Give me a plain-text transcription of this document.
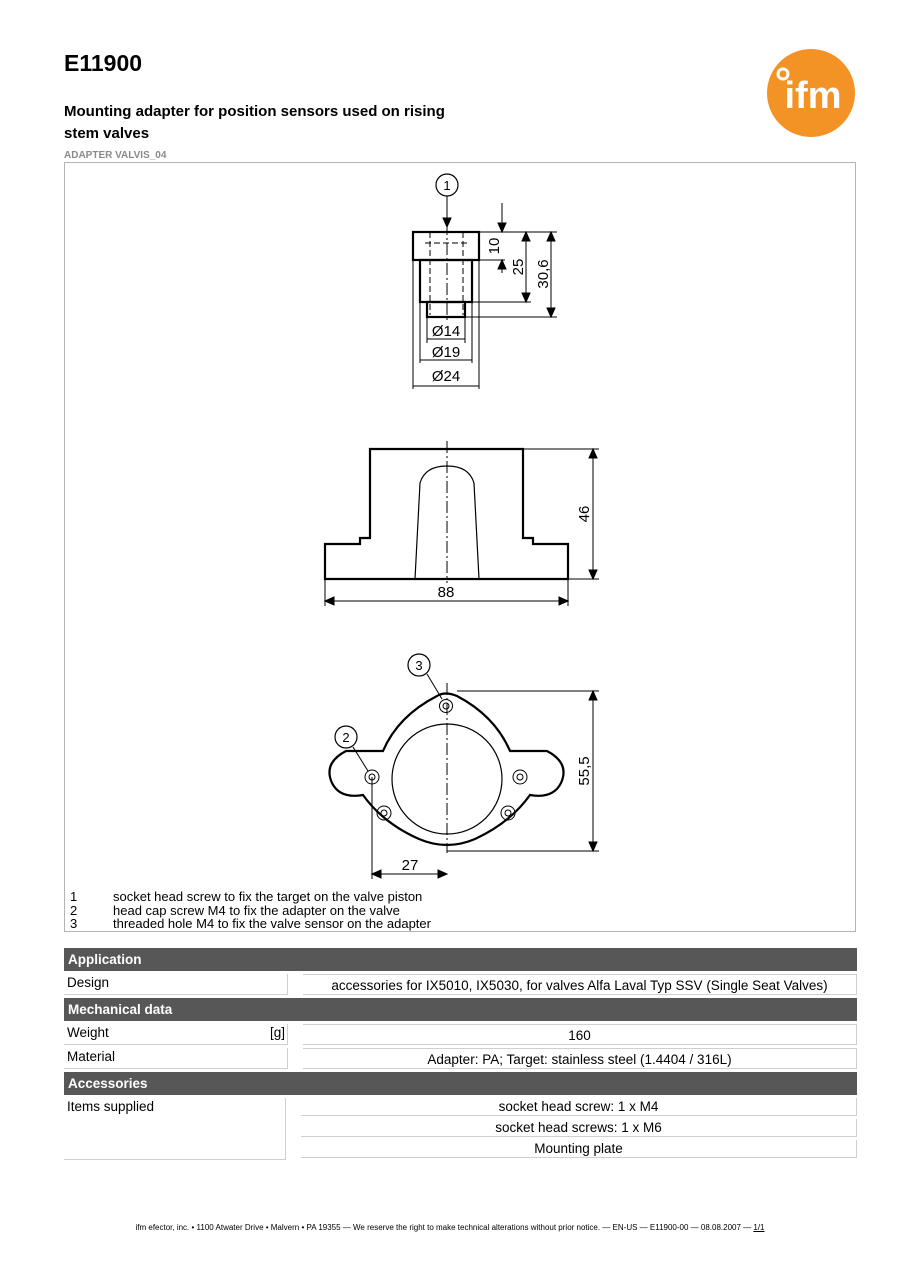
E11900

Mounting adapter for position sensors used on rising stem valves

ADAPTER VALVIS_04
ifm
1
10
25 30,6
Ø14
Ø19
Ø24
46
88
3
2
55,5
27
1	socket head screw to fix the target on the valve piston
2	head cap screw M4 to fix the adapter on the valve
3	threaded hole M4 to fix the valve sensor on the adapter
Application
Design	accessories for IX5010, IX5030, for valves Alfa Laval Typ SSV (Single Seat Valves)
Mechanical data
Weight	[g]	160
Material	Adapter: PA; Target: stainless steel (1.4404 / 316L)
Accessories
Items supplied	socket head screw: 1 x M4
socket head screws: 1 x M6
Mounting plate
ifm efector, inc. • 1100 Atwater Drive • Malvern • PA 19355 — We reserve the right to make technical alterations without prior notice. — EN-US — E11900-00 — 08.08.2007 — 1/1
